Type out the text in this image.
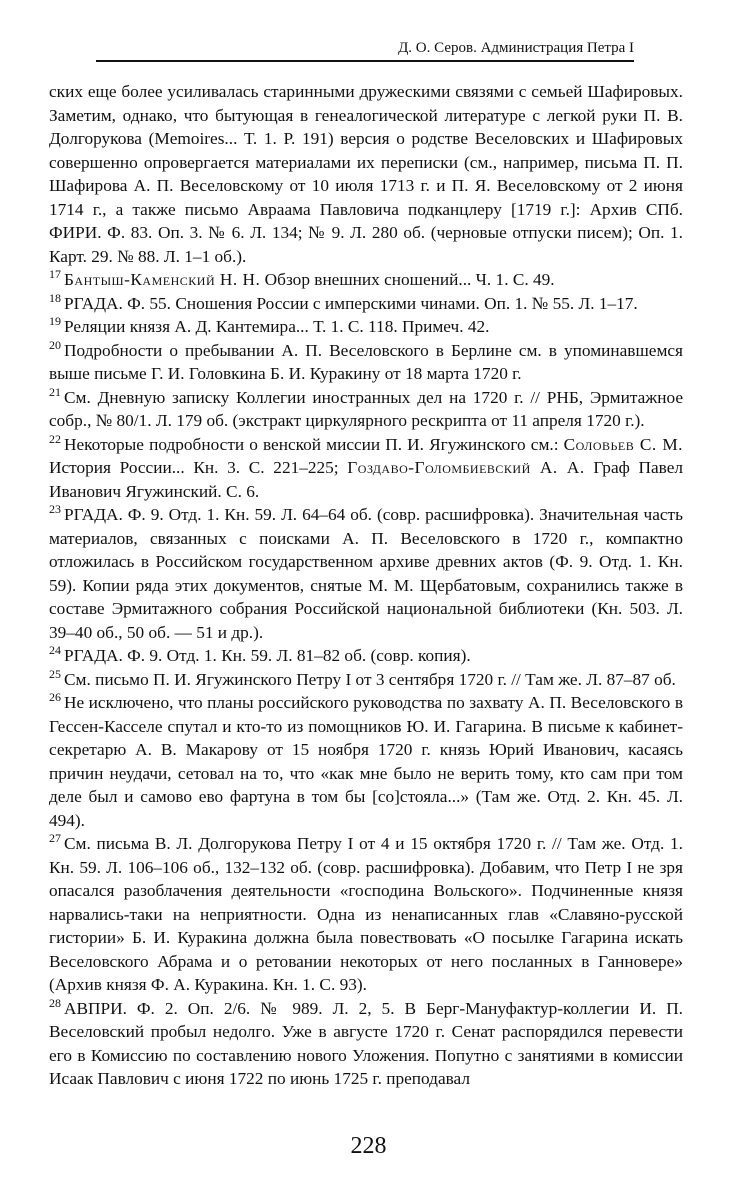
Д. О. Серов. Администрация Петра I

ских еще более усиливалась старинными дружескими связями с семьей Шафировых. Заметим, однако, что бытующая в генеалогической литературе с легкой руки П. В. Долгорукова (Memoires... Т. 1. Р. 191) версия о родстве Веселовских и Шафировых совершенно опровергается материалами их переписки (см., например, письма П. П. Шафирова А. П. Веселовскому от 10 июля 1713 г. и П. Я. Веселовскому от 2 июня 1714 г., а также письмо Авраама Павловича подканцлеру [1719 г.]: Архив СПб. ФИРИ. Ф. 83. Оп. 3. № 6. Л. 134; № 9. Л. 280 об. (черновые отпуски писем); Оп. 1. Карт. 29. № 88. Л. 1–1 об.).

$^{17}$ Бантыш-Каменский Н. Н. Обзор внешних сношений... Ч. 1. С. 49.

$^{18}$ РГАДА. Ф. 55. Сношения России с имперскими чинами. Оп. 1. № 55. Л. 1–17.

$^{19}$ Реляции князя А. Д. Кантемира... Т. 1. С. 118. Примеч. 42.

$^{20}$ Подробности о пребывании А. П. Веселовского в Берлине см. в упоминавшемся выше письме Г. И. Головкина Б. И. Куракину от 18 марта 1720 г.

$^{21}$ См. Дневную записку Коллегии иностранных дел на 1720 г. // РНБ, Эрмитажное собр., № 80/1. Л. 179 об. (экстракт циркулярного рескрипта от 11 апреля 1720 г.).

$^{22}$ Некоторые подробности о венской миссии П. И. Ягужинского см.: Соловьев С. М. История России... Кн. 3. С. 221–225; Гоздаво-Голомбиевский А. А. Граф Павел Иванович Ягужинский. С. 6.

$^{23}$ РГАДА. Ф. 9. Отд. 1. Кн. 59. Л. 64–64 об. (совр. расшифровка). Значительная часть материалов, связанных с поисками А. П. Веселовского в 1720 г., компактно отложилась в Российском государственном архиве древних актов (Ф. 9. Отд. 1. Кн. 59). Копии ряда этих документов, снятые М. М. Щербатовым, сохранились также в составе Эрмитажного собрания Российской национальной библиотеки (Кн. 503. Л. 39–40 об., 50 об. — 51 и др.).

$^{24}$ РГАДА. Ф. 9. Отд. 1. Кн. 59. Л. 81–82 об. (совр. копия).

$^{25}$ См. письмо П. И. Ягужинского Петру I от 3 сентября 1720 г. // Там же. Л. 87–87 об.

$^{26}$ Не исключено, что планы российского руководства по захвату А. П. Веселовского в Гессен-Касселе спутал и кто-то из помощников Ю. И. Гагарина. В письме к кабинет-секретарю А. В. Макарову от 15 ноября 1720 г. князь Юрий Иванович, касаясь причин неудачи, сетовал на то, что «как мне было не верить тому, кто сам при том деле был и самово ево фартуна в том бы [со]стояла...» (Там же. Отд. 2. Кн. 45. Л. 494).

$^{27}$ См. письма В. Л. Долгорукова Петру I от 4 и 15 октября 1720 г. // Там же. Отд. 1. Кн. 59. Л. 106–106 об., 132–132 об. (совр. расшифровка). Добавим, что Петр I не зря опасался разоблачения деятельности «господина Вольского». Подчиненные князя нарвались-таки на неприятности. Одна из ненаписанных глав «Славяно-русской гистории» Б. И. Куракина должна была повествовать «О посылке Гагарина искать Веселовского Абрама и о ретовании некоторых от него посланных в Ганновере» (Архив князя Ф. А. Куракина. Кн. 1. С. 93).

$^{28}$ АВПРИ. Ф. 2. Оп. 2/6. № 989. Л. 2, 5. В Берг-Мануфактур-коллегии И. П. Веселовский пробыл недолго. Уже в августе 1720 г. Сенат распорядился перевести его в Комиссию по составлению нового Уложения. Попутно с занятиями в комиссии Исаак Павлович с июня 1722 по июнь 1725 г. преподавал

228
